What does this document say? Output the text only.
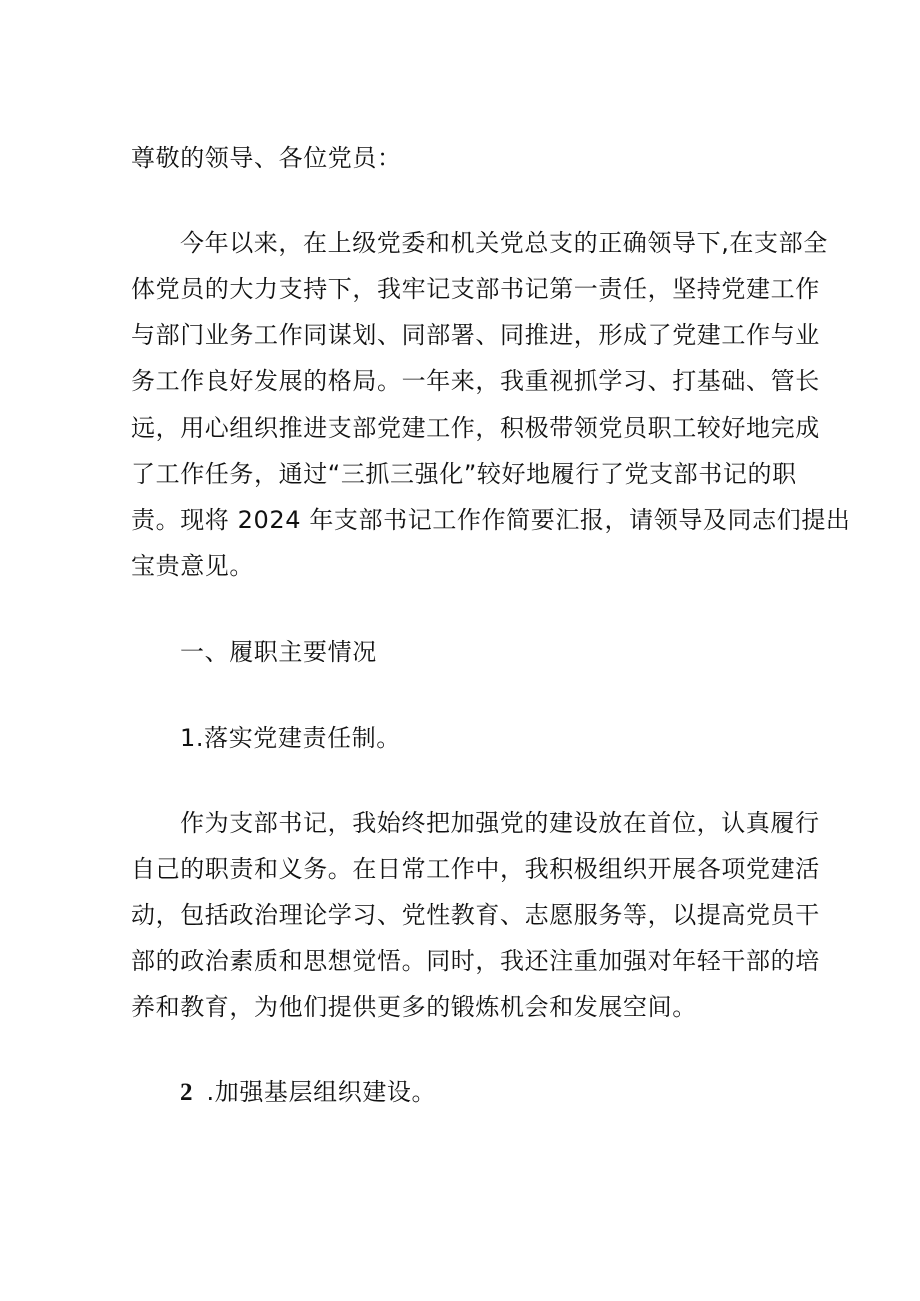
尊敬的领导、各位党员：
今年以来，在上级党委和机关党总支的正确领导下,在支部全
体党员的大力支持下，我牢记支部书记第一责任，坚持党建工作
与部门业务工作同谋划、同部署、同推进，形成了党建工作与业
务工作良好发展的格局。一年来，我重视抓学习、打基础、管长
远，用心组织推进支部党建工作，积极带领党员职工较好地完成
了工作任务，通过“三抓三强化”较好地履行了党支部书记的职
责。现将 2024 年支部书记工作作简要汇报，请领导及同志们提出
宝贵意见。
一、履职主要情况
1.落实党建责任制。
作为支部书记，我始终把加强党的建设放在首位，认真履行
自己的职责和义务。在日常工作中，我积极组织开展各项党建活
动，包括政治理论学习、党性教育、志愿服务等，以提高党员干
部的政治素质和思想觉悟。同时，我还注重加强对年轻干部的培
养和教育，为他们提供更多的锻炼机会和发展空间。
2 .加强基层组织建设。
